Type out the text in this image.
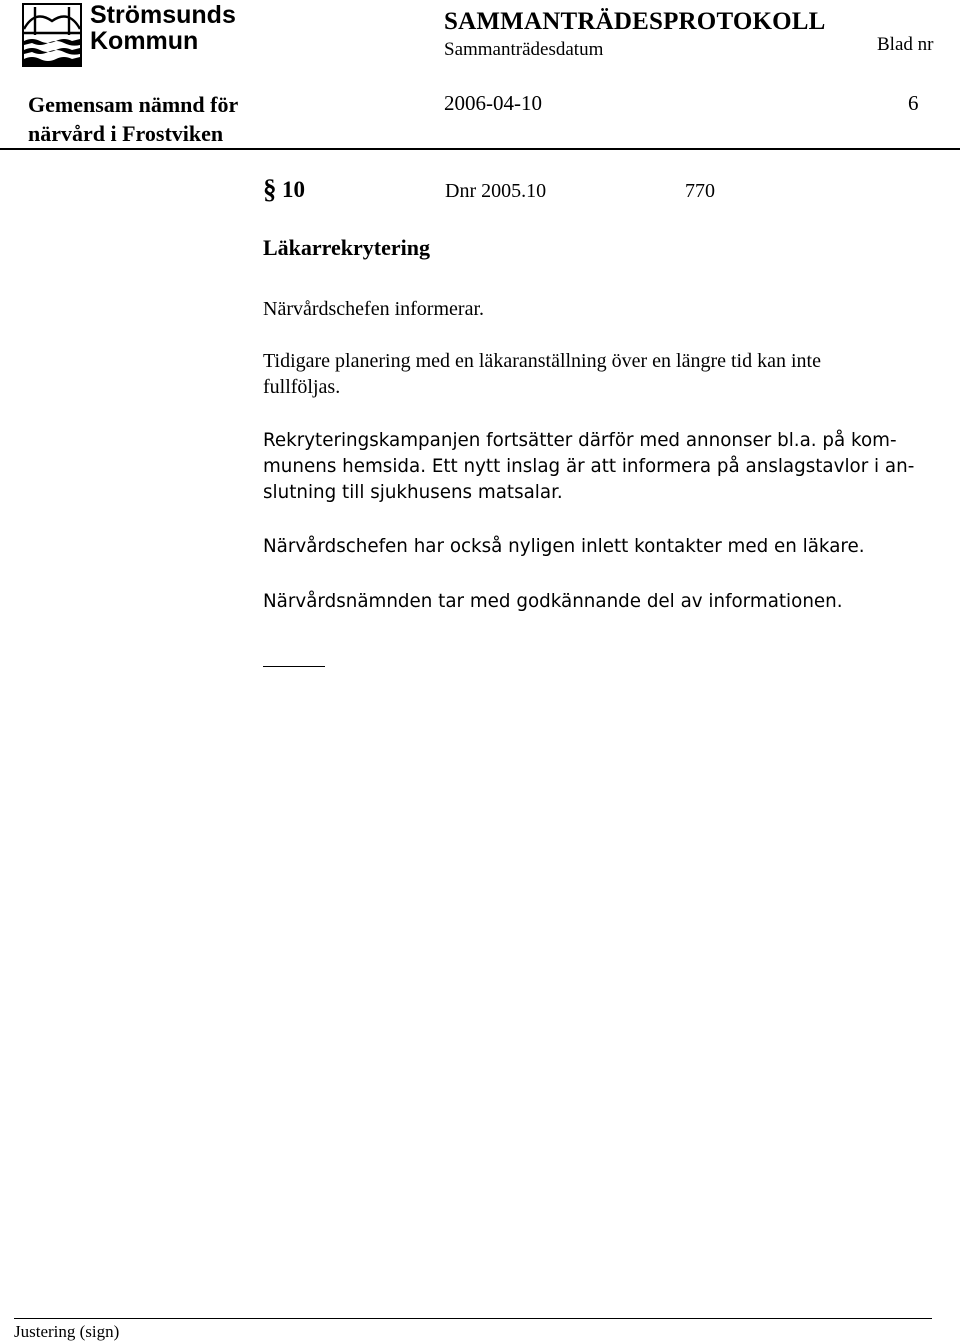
Strömsunds
Kommun
SAMMANTRÄDESPROTOKOLL
Sammanträdesdatum	Blad nr
Gemensam nämnd för
närvård i Frostviken
2006-04-10	6
§ 10	Dnr 2005.10	770
Läkarrekrytering
Närvårdschefen informerar.
Tidigare planering med en läkaranställning över en längre tid kan inte
fullföljas.
Rekryteringskampanjen fortsätter därför med annonser bl.a. på kom-
munens hemsida. Ett nytt inslag är att informera på anslagstavlor i an-
slutning till sjukhusens matsalar.
Närvårdschefen har också nyligen inlett kontakter med en läkare.
Närvårdsnämnden tar med godkännande del av informationen.
Justering (sign)
